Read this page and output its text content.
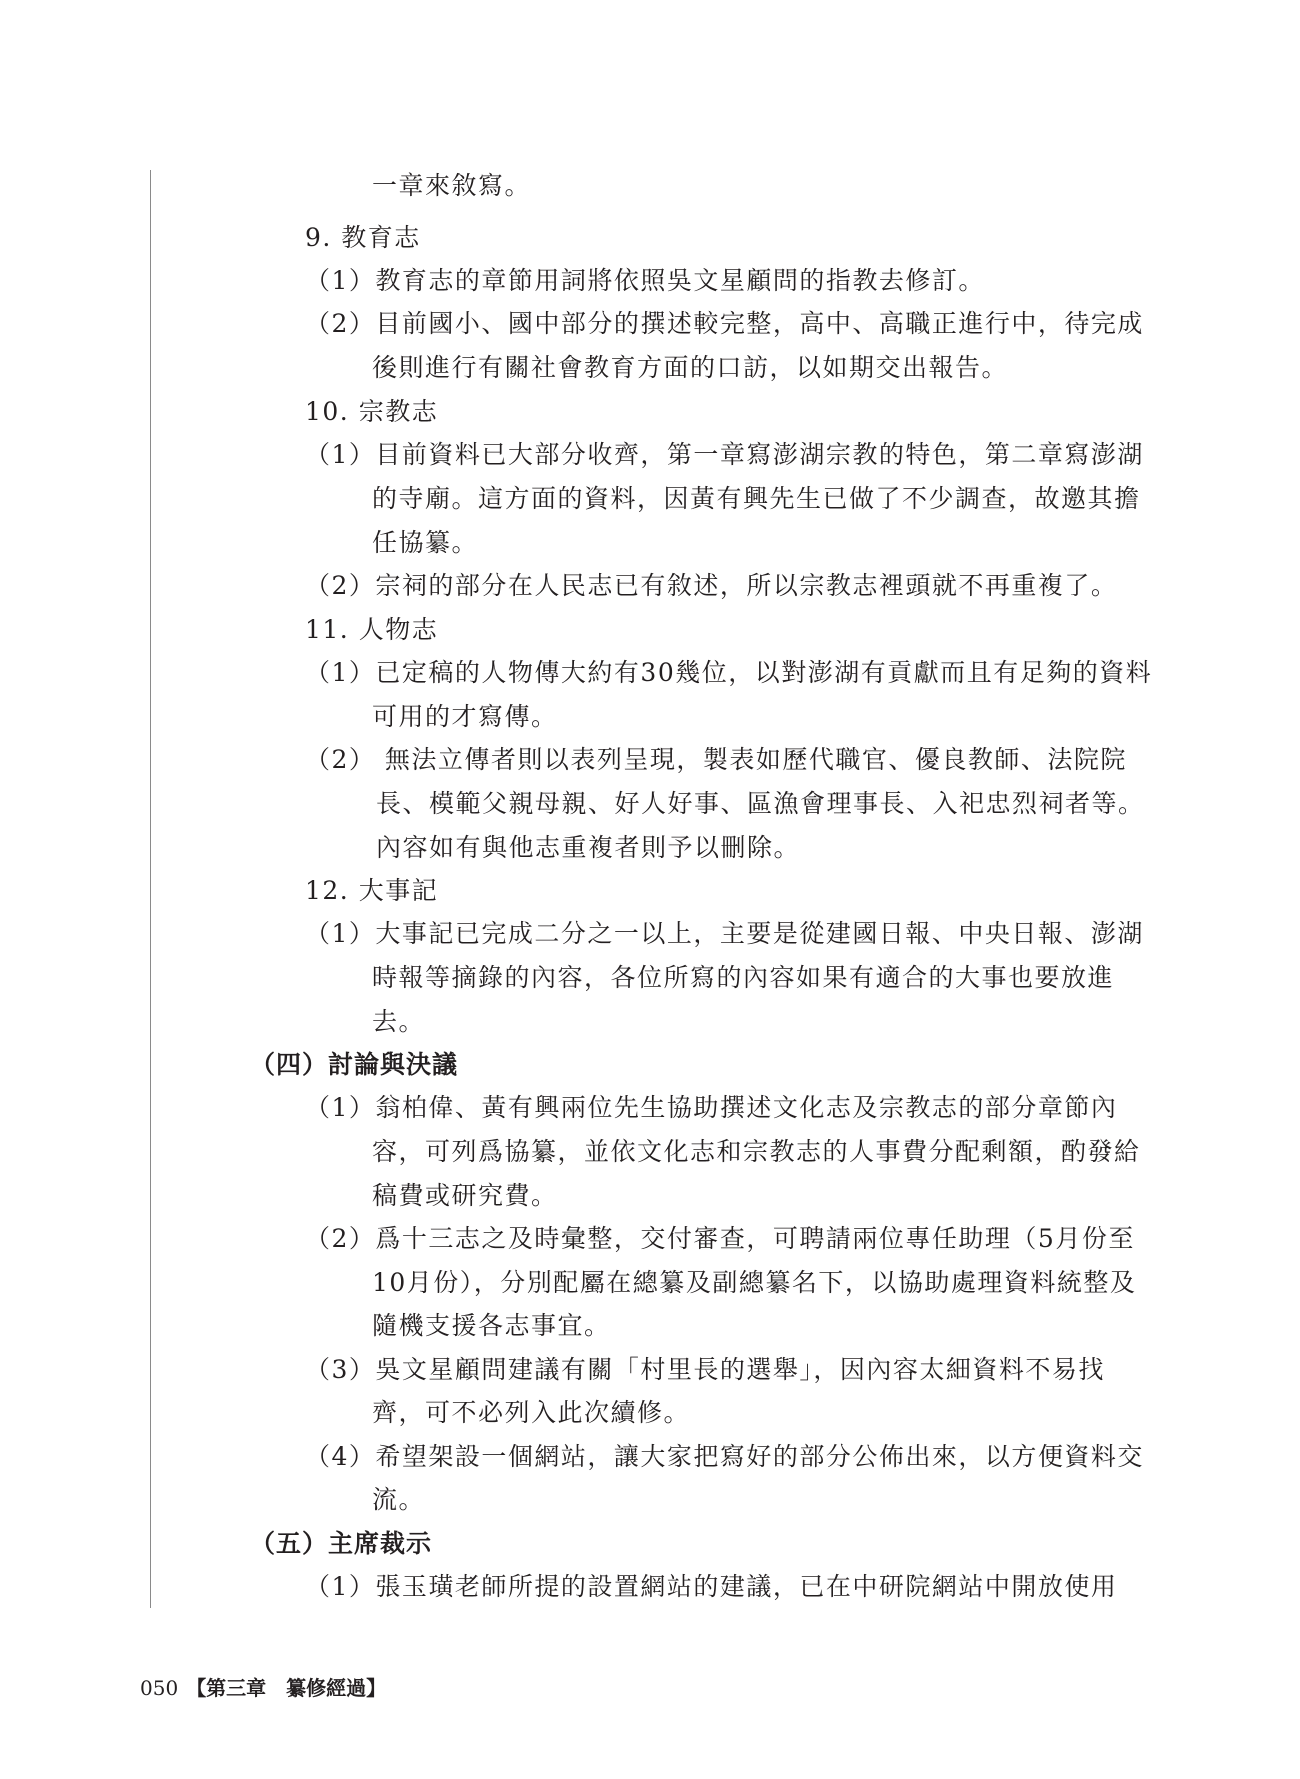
一章來敘寫。
9. 教育志
（1）教育志的章節用詞將依照吳文星顧問的指教去修訂。
（2）目前國小、國中部分的撰述較完整，高中、高職正進行中，待完成
後則進行有關社會教育方面的口訪，以如期交出報告。
10. 宗教志
（1）目前資料已大部分收齊，第一章寫澎湖宗教的特色，第二章寫澎湖
的寺廟。這方面的資料，因黃有興先生已做了不少調查，故邀其擔
任協纂。
（2）宗祠的部分在人民志已有敘述，所以宗教志裡頭就不再重複了。
11. 人物志
（1）已定稿的人物傳大約有30幾位，以對澎湖有貢獻而且有足夠的資料
可用的才寫傳。
（2） 無法立傳者則以表列呈現，製表如歷代職官、優良教師、法院院
長、模範父親母親、好人好事、區漁會理事長、入祀忠烈祠者等。
內容如有與他志重複者則予以刪除。
12. 大事記
（1）大事記已完成二分之一以上，主要是從建國日報、中央日報、澎湖
時報等摘錄的內容，各位所寫的內容如果有適合的大事也要放進
去。
（四）討論與決議
（1）翁柏偉、黃有興兩位先生協助撰述文化志及宗教志的部分章節內
容，可列爲協纂，並依文化志和宗教志的人事費分配剩額，酌發給
稿費或研究費。
（2）爲十三志之及時彙整，交付審查，可聘請兩位專任助理（5月份至
10月份），分別配屬在總纂及副總纂名下，以協助處理資料統整及
隨機支援各志事宜。
（3）吳文星顧問建議有關「村里長的選舉」，因內容太細資料不易找
齊，可不必列入此次續修。
（4）希望架設一個網站，讓大家把寫好的部分公佈出來，以方便資料交
流。
（五）主席裁示
（1）張玉璜老師所提的設置網站的建議，已在中研院網站中開放使用
050 【第三章　纂修經過】
